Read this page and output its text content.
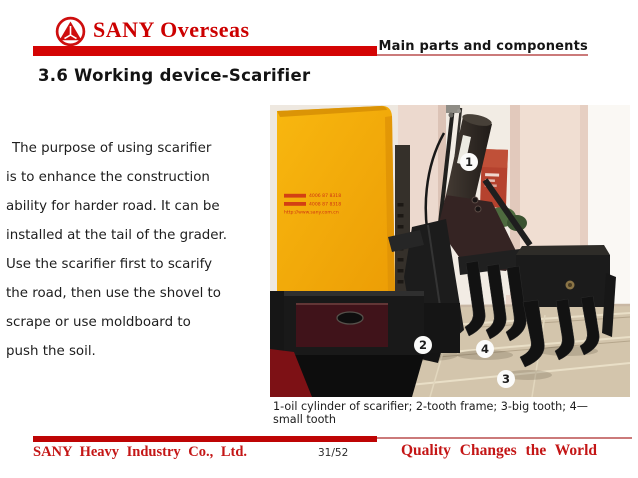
SANY Overseas
Main parts and components
3.6 Working device-Scarifier
The purpose of using scarifier
is to enhance the construction
ability for harder road. It can be
installed at the tail of the grader.
Use the scarifier first to scarify
the road, then use the shovel to
scrape or use moldboard to
push the soil.
4006 87 8318
4008 87 8318
http://www.sany.com.cn
1
2	4
3
1-oil cylinder of scarifier; 2-tooth frame; 3-big tooth; 4—
small tooth
SANY Heavy Industry Co., Ltd.	31/52	Quality Changes the World
